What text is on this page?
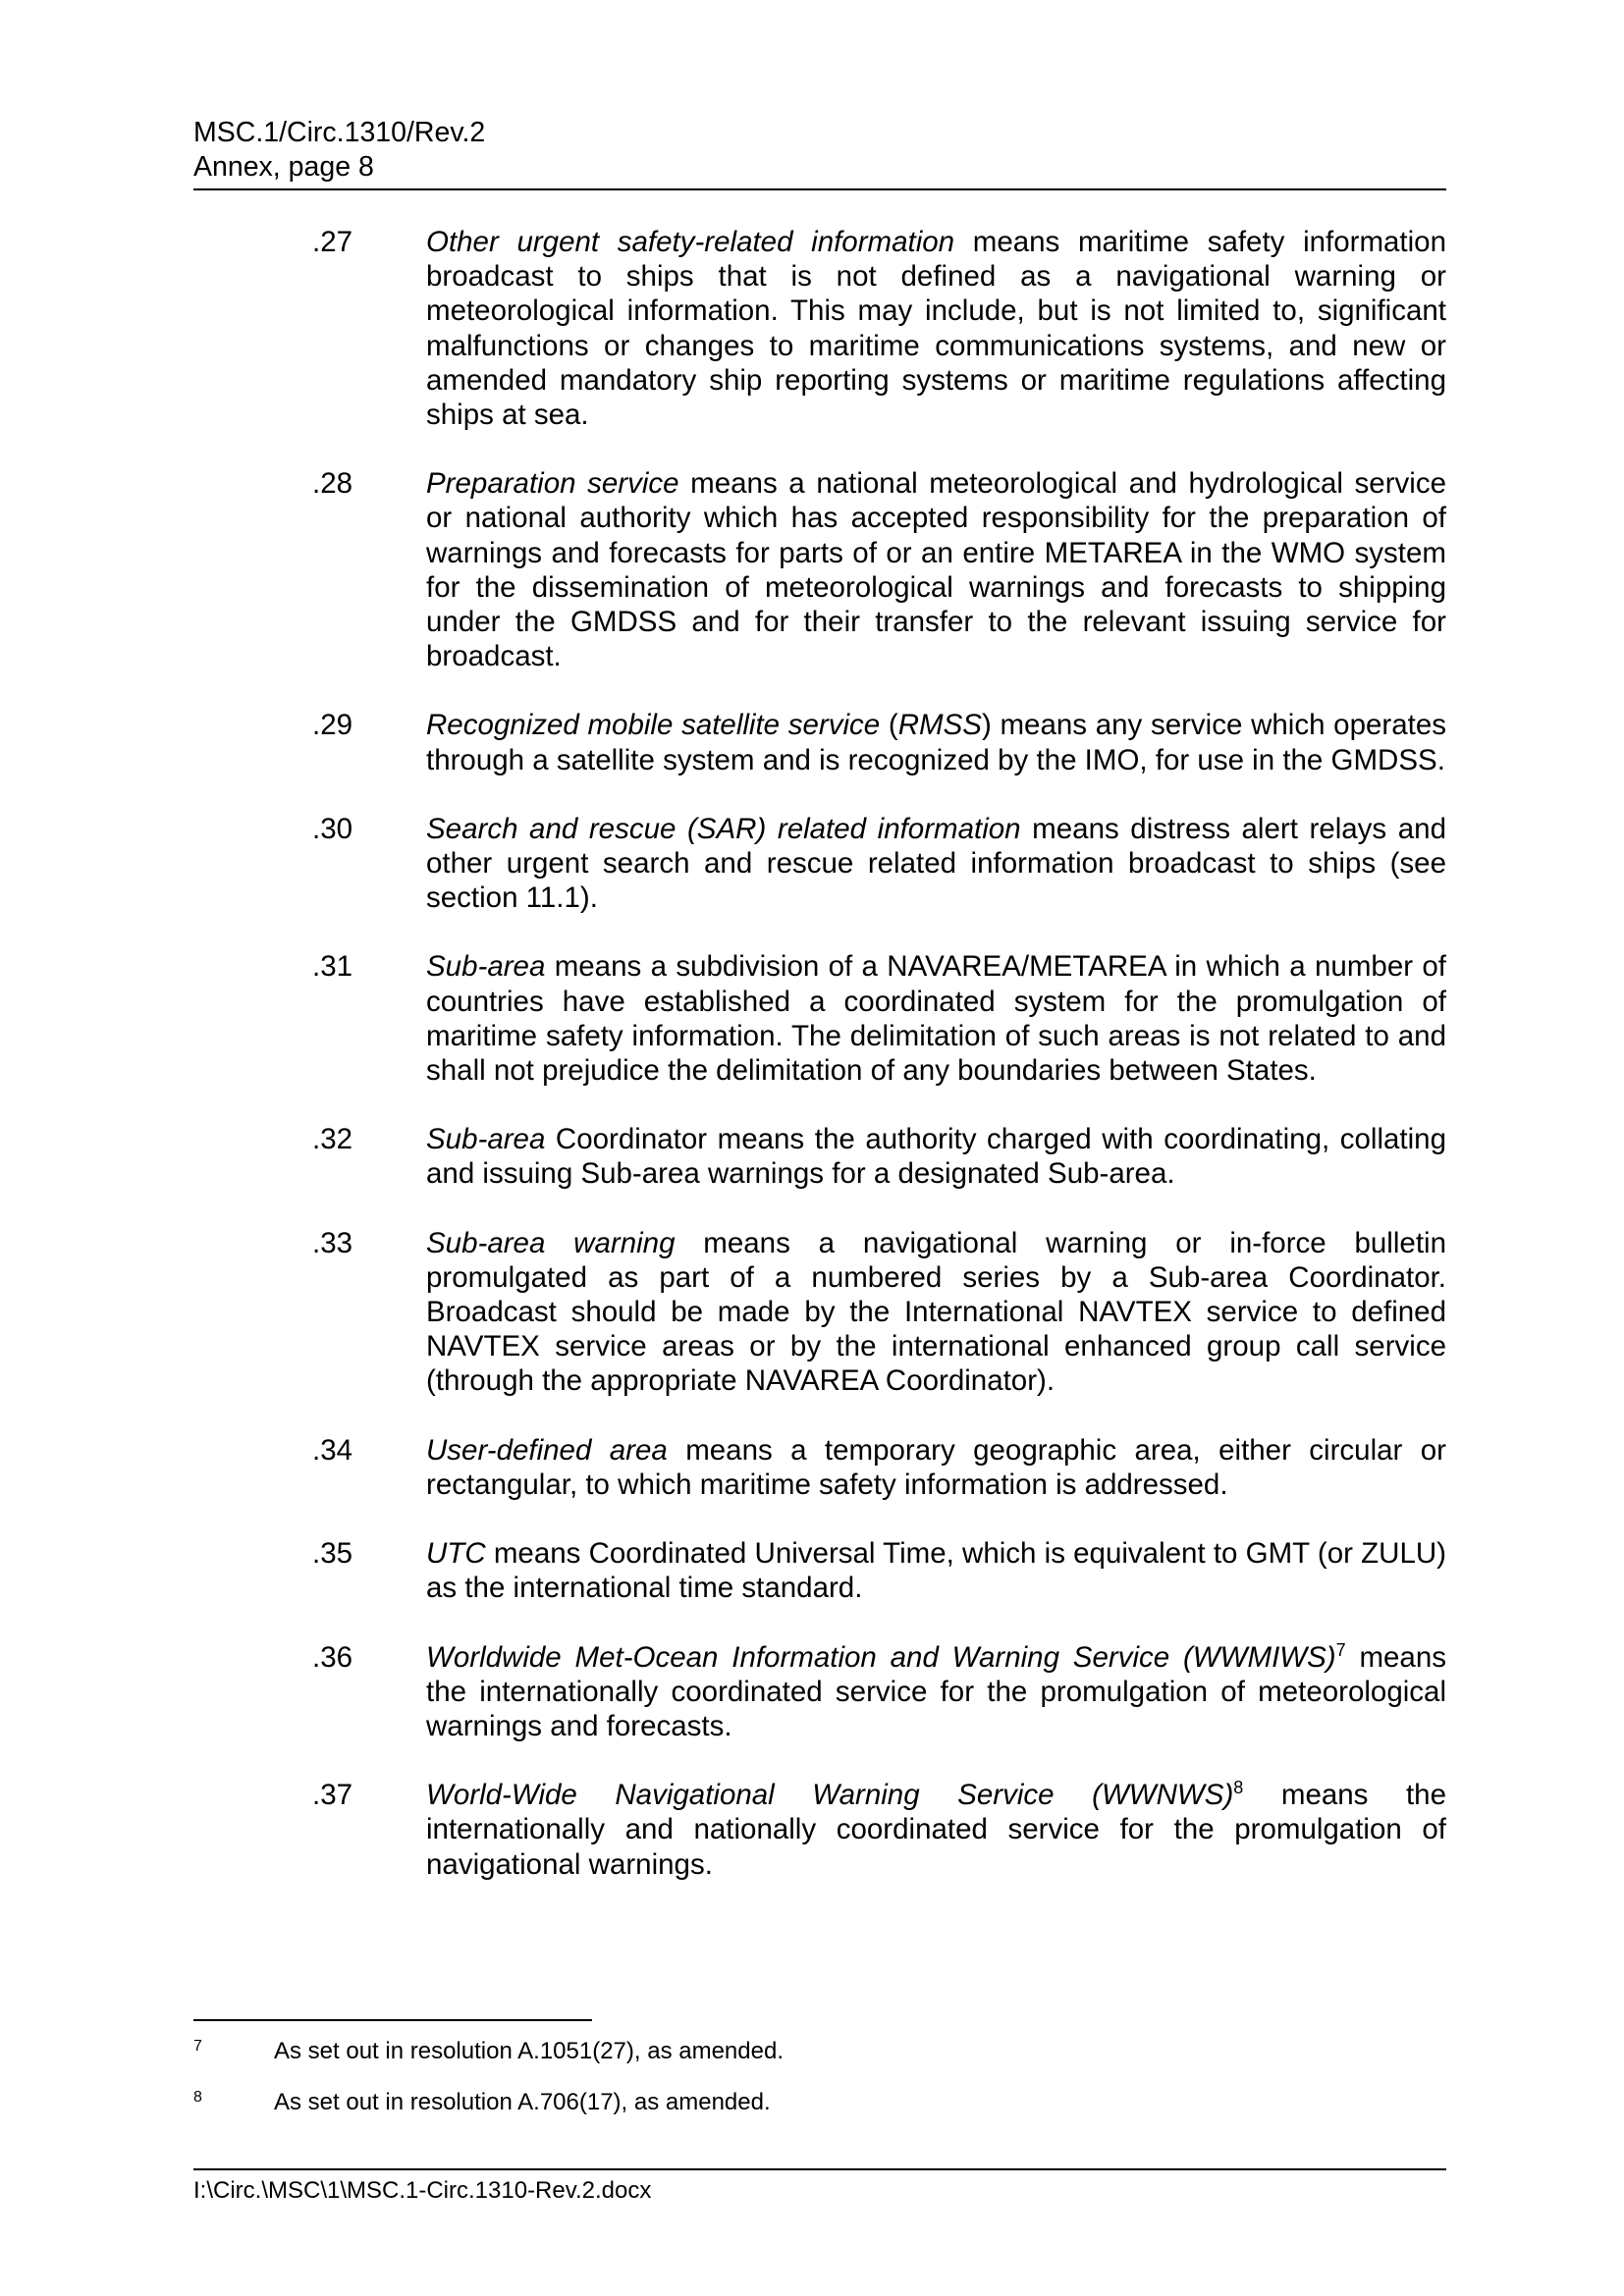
MSC.1/Circ.1310/Rev.2
Annex, page 8
.27	Other urgent safety-related information means maritime safety information broadcast to ships that is not defined as a navigational warning or meteorological information. This may include, but is not limited to, significant malfunctions or changes to maritime communications systems, and new or amended mandatory ship reporting systems or maritime regulations affecting ships at sea.
.28	Preparation service means a national meteorological and hydrological service or national authority which has accepted responsibility for the preparation of warnings and forecasts for parts of or an entire METAREA in the WMO system for the dissemination of meteorological warnings and forecasts to shipping under the GMDSS and for their transfer to the relevant issuing service for broadcast.
.29	Recognized mobile satellite service (RMSS) means any service which operates through a satellite system and is recognized by the IMO, for use in the GMDSS.
.30	Search and rescue (SAR) related information means distress alert relays and other urgent search and rescue related information broadcast to ships (see section 11.1).
.31	Sub-area means a subdivision of a NAVAREA/METAREA in which a number of countries have established a coordinated system for the promulgation of maritime safety information. The delimitation of such areas is not related to and shall not prejudice the delimitation of any boundaries between States.
.32	Sub-area Coordinator means the authority charged with coordinating, collating and issuing Sub-area warnings for a designated Sub-area.
.33	Sub-area warning means a navigational warning or in-force bulletin promulgated as part of a numbered series by a Sub-area Coordinator. Broadcast should be made by the International NAVTEX service to defined NAVTEX service areas or by the international enhanced group call service (through the appropriate NAVAREA Coordinator).
.34	User-defined area means a temporary geographic area, either circular or rectangular, to which maritime safety information is addressed.
.35	UTC means Coordinated Universal Time, which is equivalent to GMT (or ZULU) as the international time standard.
.36	Worldwide Met-Ocean Information and Warning Service (WWMIWS)$^7$ means the internationally coordinated service for the promulgation of meteorological warnings and forecasts.
.37	World-Wide Navigational Warning Service (WWNWS)$^8$ means the internationally and nationally coordinated service for the promulgation of navigational warnings.
7	As set out in resolution A.1051(27), as amended.
8	As set out in resolution A.706(17), as amended.
I:\Circ.\MSC\1\MSC.1-Circ.1310-Rev.2.docx
